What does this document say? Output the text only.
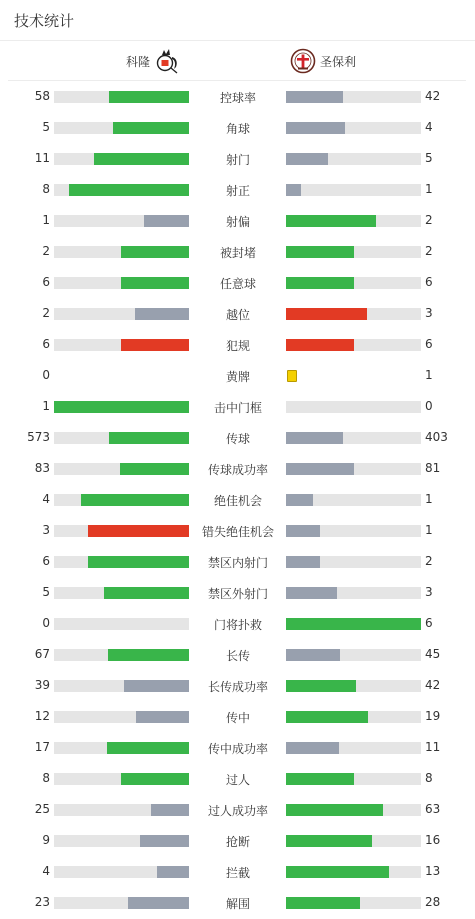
技术统计
科隆	圣保利
58	控球率	42
5	角球	4
11	射门	5
8	射正	1
1	射偏	2
2	被封堵	2
6	任意球	6
2	越位	3
6	犯规	6
0	黄牌	1
1	击中门框	0
573	传球	403
83	传球成功率	81
4	绝佳机会	1
3	错失绝佳机会	1
6	禁区内射门	2
5	禁区外射门	3
0	门将扑救	6
67	长传	45
39	长传成功率	42
12	传中	19
17	传中成功率	11
8	过人	8
25	过人成功率	63
9	抢断	16
4	拦截	13
23	解围	28
